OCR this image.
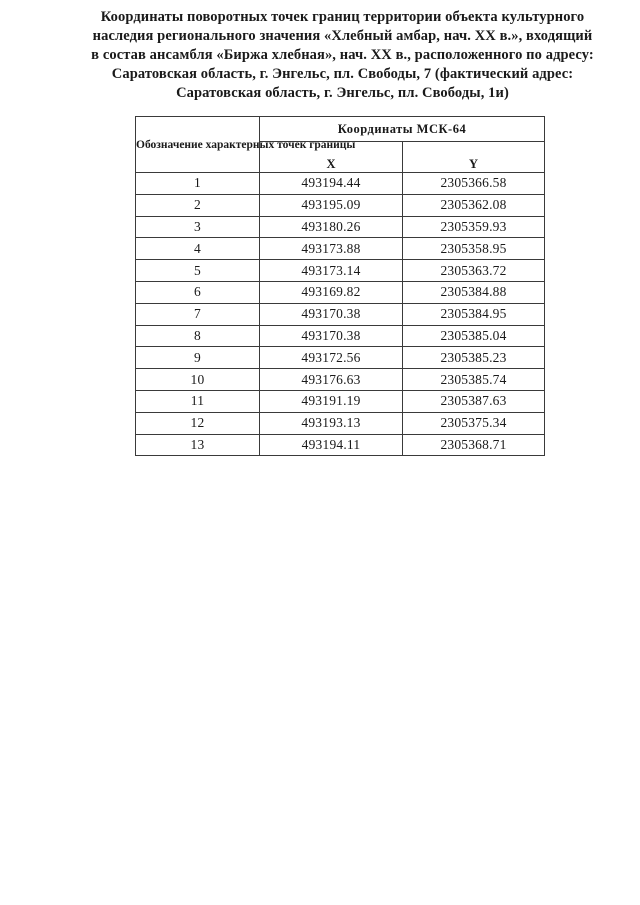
Координаты поворотных точек границ территории объекта культурного
наследия регионального значения «Хлебный амбар, нач. XX в.», входящий
в состав ансамбля «Биржа хлебная», нач. XX в., расположенного по адресу:
Саратовская область, г. Энгельс, пл. Свободы, 7 (фактический адрес:
Саратовская область, г. Энгельс, пл. Свободы, 1и)
Обозначение характерных точек границы	Координаты МСК-64	
	X	Y
1	493194.44	2305366.58
2	493195.09	2305362.08
3	493180.26	2305359.93
4	493173.88	2305358.95
5	493173.14	2305363.72
6	493169.82	2305384.88
7	493170.38	2305384.95
8	493170.38	2305385.04
9	493172.56	2305385.23
10	493176.63	2305385.74
11	493191.19	2305387.63
12	493193.13	2305375.34
13	493194.11	2305368.71
